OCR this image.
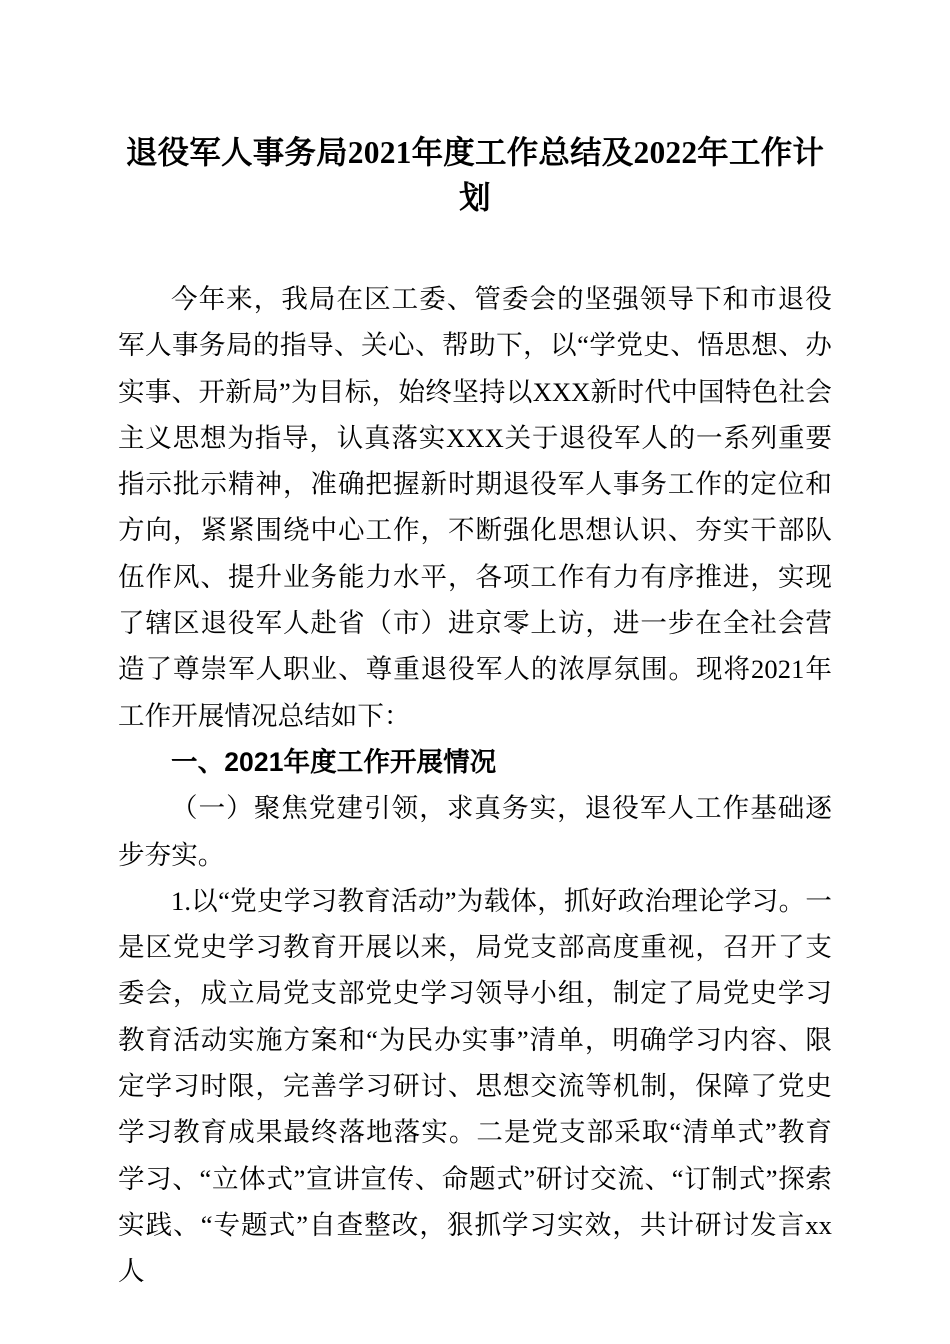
退役军人事务局2021年度工作总结及2022年工作计划

今年来，我局在区工委、管委会的坚强领导下和市退役军人事务局的指导、关心、帮助下，以“学党史、悟思想、办实事、开新局”为目标，始终坚持以XXX新时代中国特色社会主义思想为指导，认真落实XXX关于退役军人的一系列重要指示批示精神，准确把握新时期退役军人事务工作的定位和方向，紧紧围绕中心工作，不断强化思想认识、夯实干部队伍作风、提升业务能力水平，各项工作有力有序推进，实现了辖区退役军人赴省（市）进京零上访，进一步在全社会营造了尊崇军人职业、尊重退役军人的浓厚氛围。现将2021年工作开展情况总结如下：

一、2021年度工作开展情况

（一）聚焦党建引领，求真务实，退役军人工作基础逐步夯实。

1.以“党史学习教育活动”为载体，抓好政治理论学习。一是区党史学习教育开展以来，局党支部高度重视，召开了支委会，成立局党支部党史学习领导小组，制定了局党史学习教育活动实施方案和“为民办实事”清单，明确学习内容、限定学习时限，完善学习研讨、思想交流等机制，保障了党史学习教育成果最终落地落实。二是党支部采取“清单式”教育学习、“立体式”宣讲宣传、命题式”研讨交流、“订制式”探索实践、“专题式”自查整改，狠抓学习实效，共计研讨发言xx人
